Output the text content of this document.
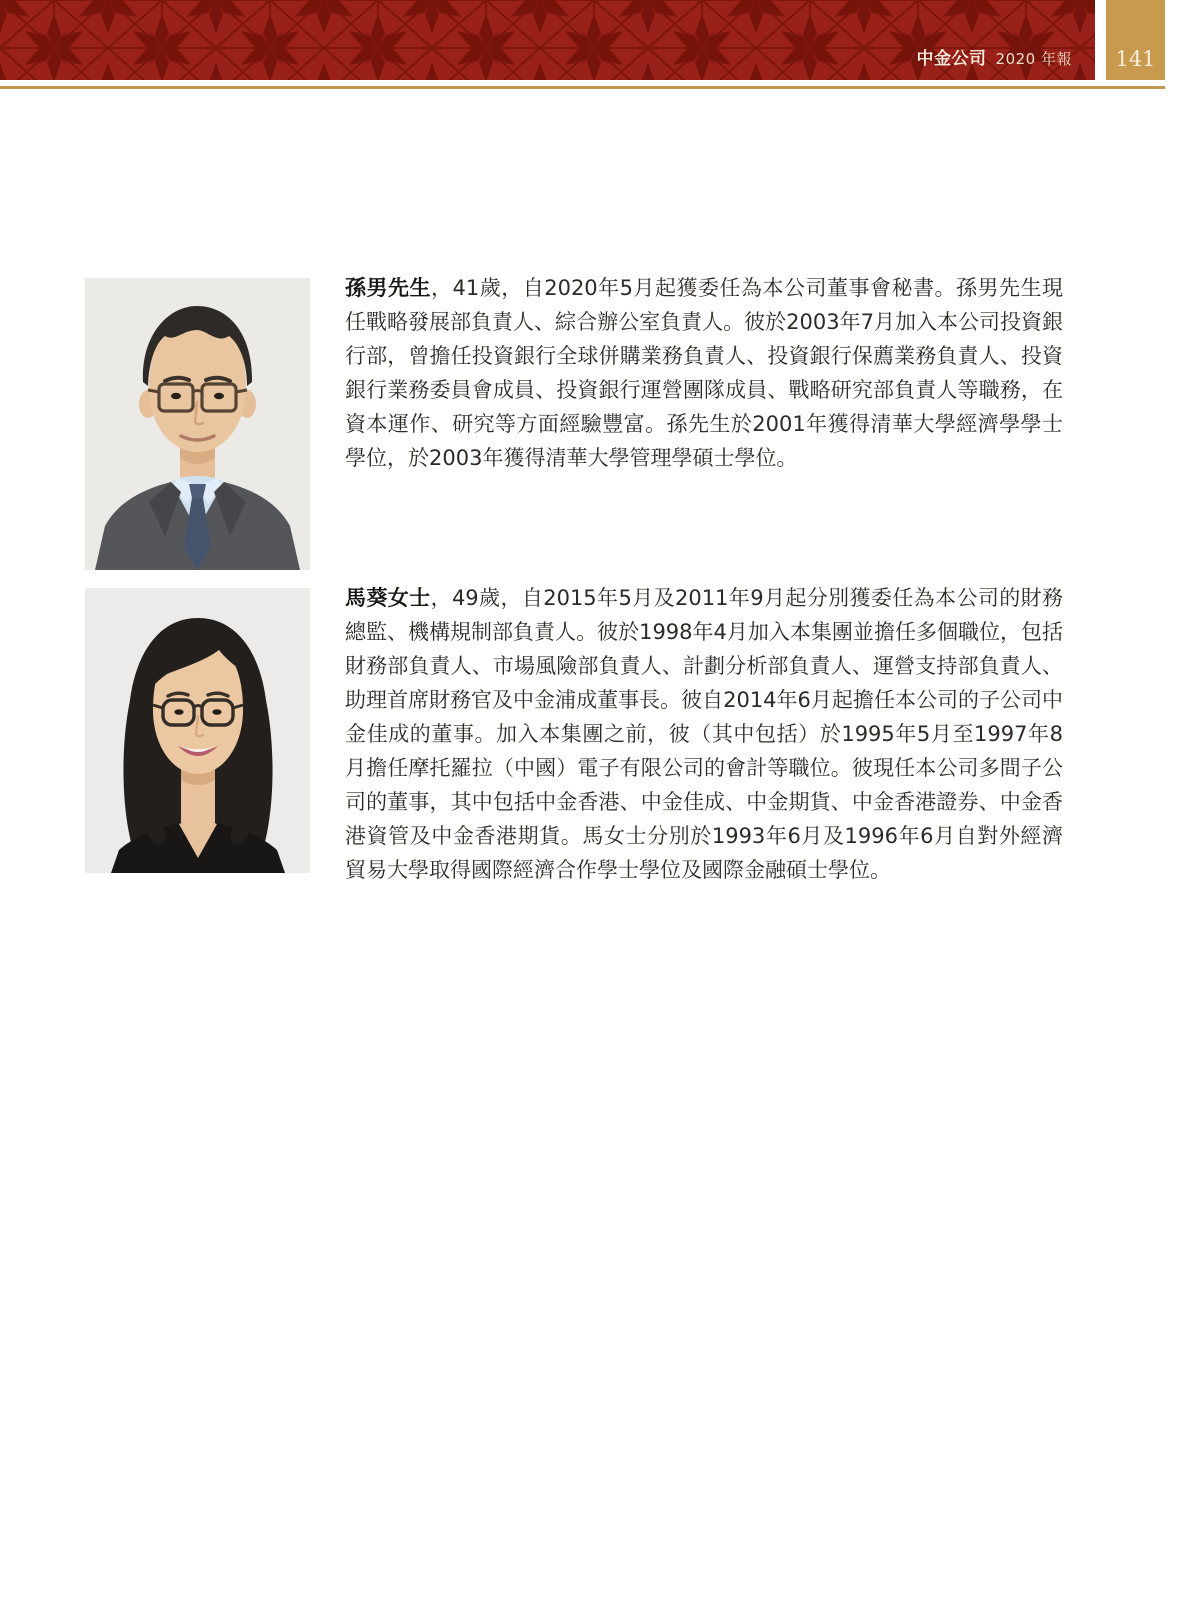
中金公司 2020 年報 141

孫男先生，41歲，自2020年5月起獲委任為本公司董事會秘書。孫男先生現任戰略發展部負責人、綜合辦公室負責人。彼於2003年7月加入本公司投資銀行部，曾擔任投資銀行全球併購業務負責人、投資銀行保薦業務負責人、投資銀行業務委員會成員、投資銀行運營團隊成員、戰略研究部負責人等職務，在資本運作、研究等方面經驗豐富。孫先生於2001年獲得清華大學經濟學學士學位，於2003年獲得清華大學管理學碩士學位。

馬葵女士，49歲，自2015年5月及2011年9月起分別獲委任為本公司的財務總監、機構規制部負責人。彼於1998年4月加入本集團並擔任多個職位，包括財務部負責人、市場風險部負責人、計劃分析部負責人、運營支持部負責人、助理首席財務官及中金浦成董事長。彼自2014年6月起擔任本公司的子公司中金佳成的董事。加入本集團之前，彼（其中包括）於1995年5月至1997年8月擔任摩托羅拉（中國）電子有限公司的會計等職位。彼現任本公司多間子公司的董事，其中包括中金香港、中金佳成、中金期貨、中金香港證券、中金香港資管及中金香港期貨。馬女士分別於1993年6月及1996年6月自對外經濟貿易大學取得國際經濟合作學士學位及國際金融碩士學位。
